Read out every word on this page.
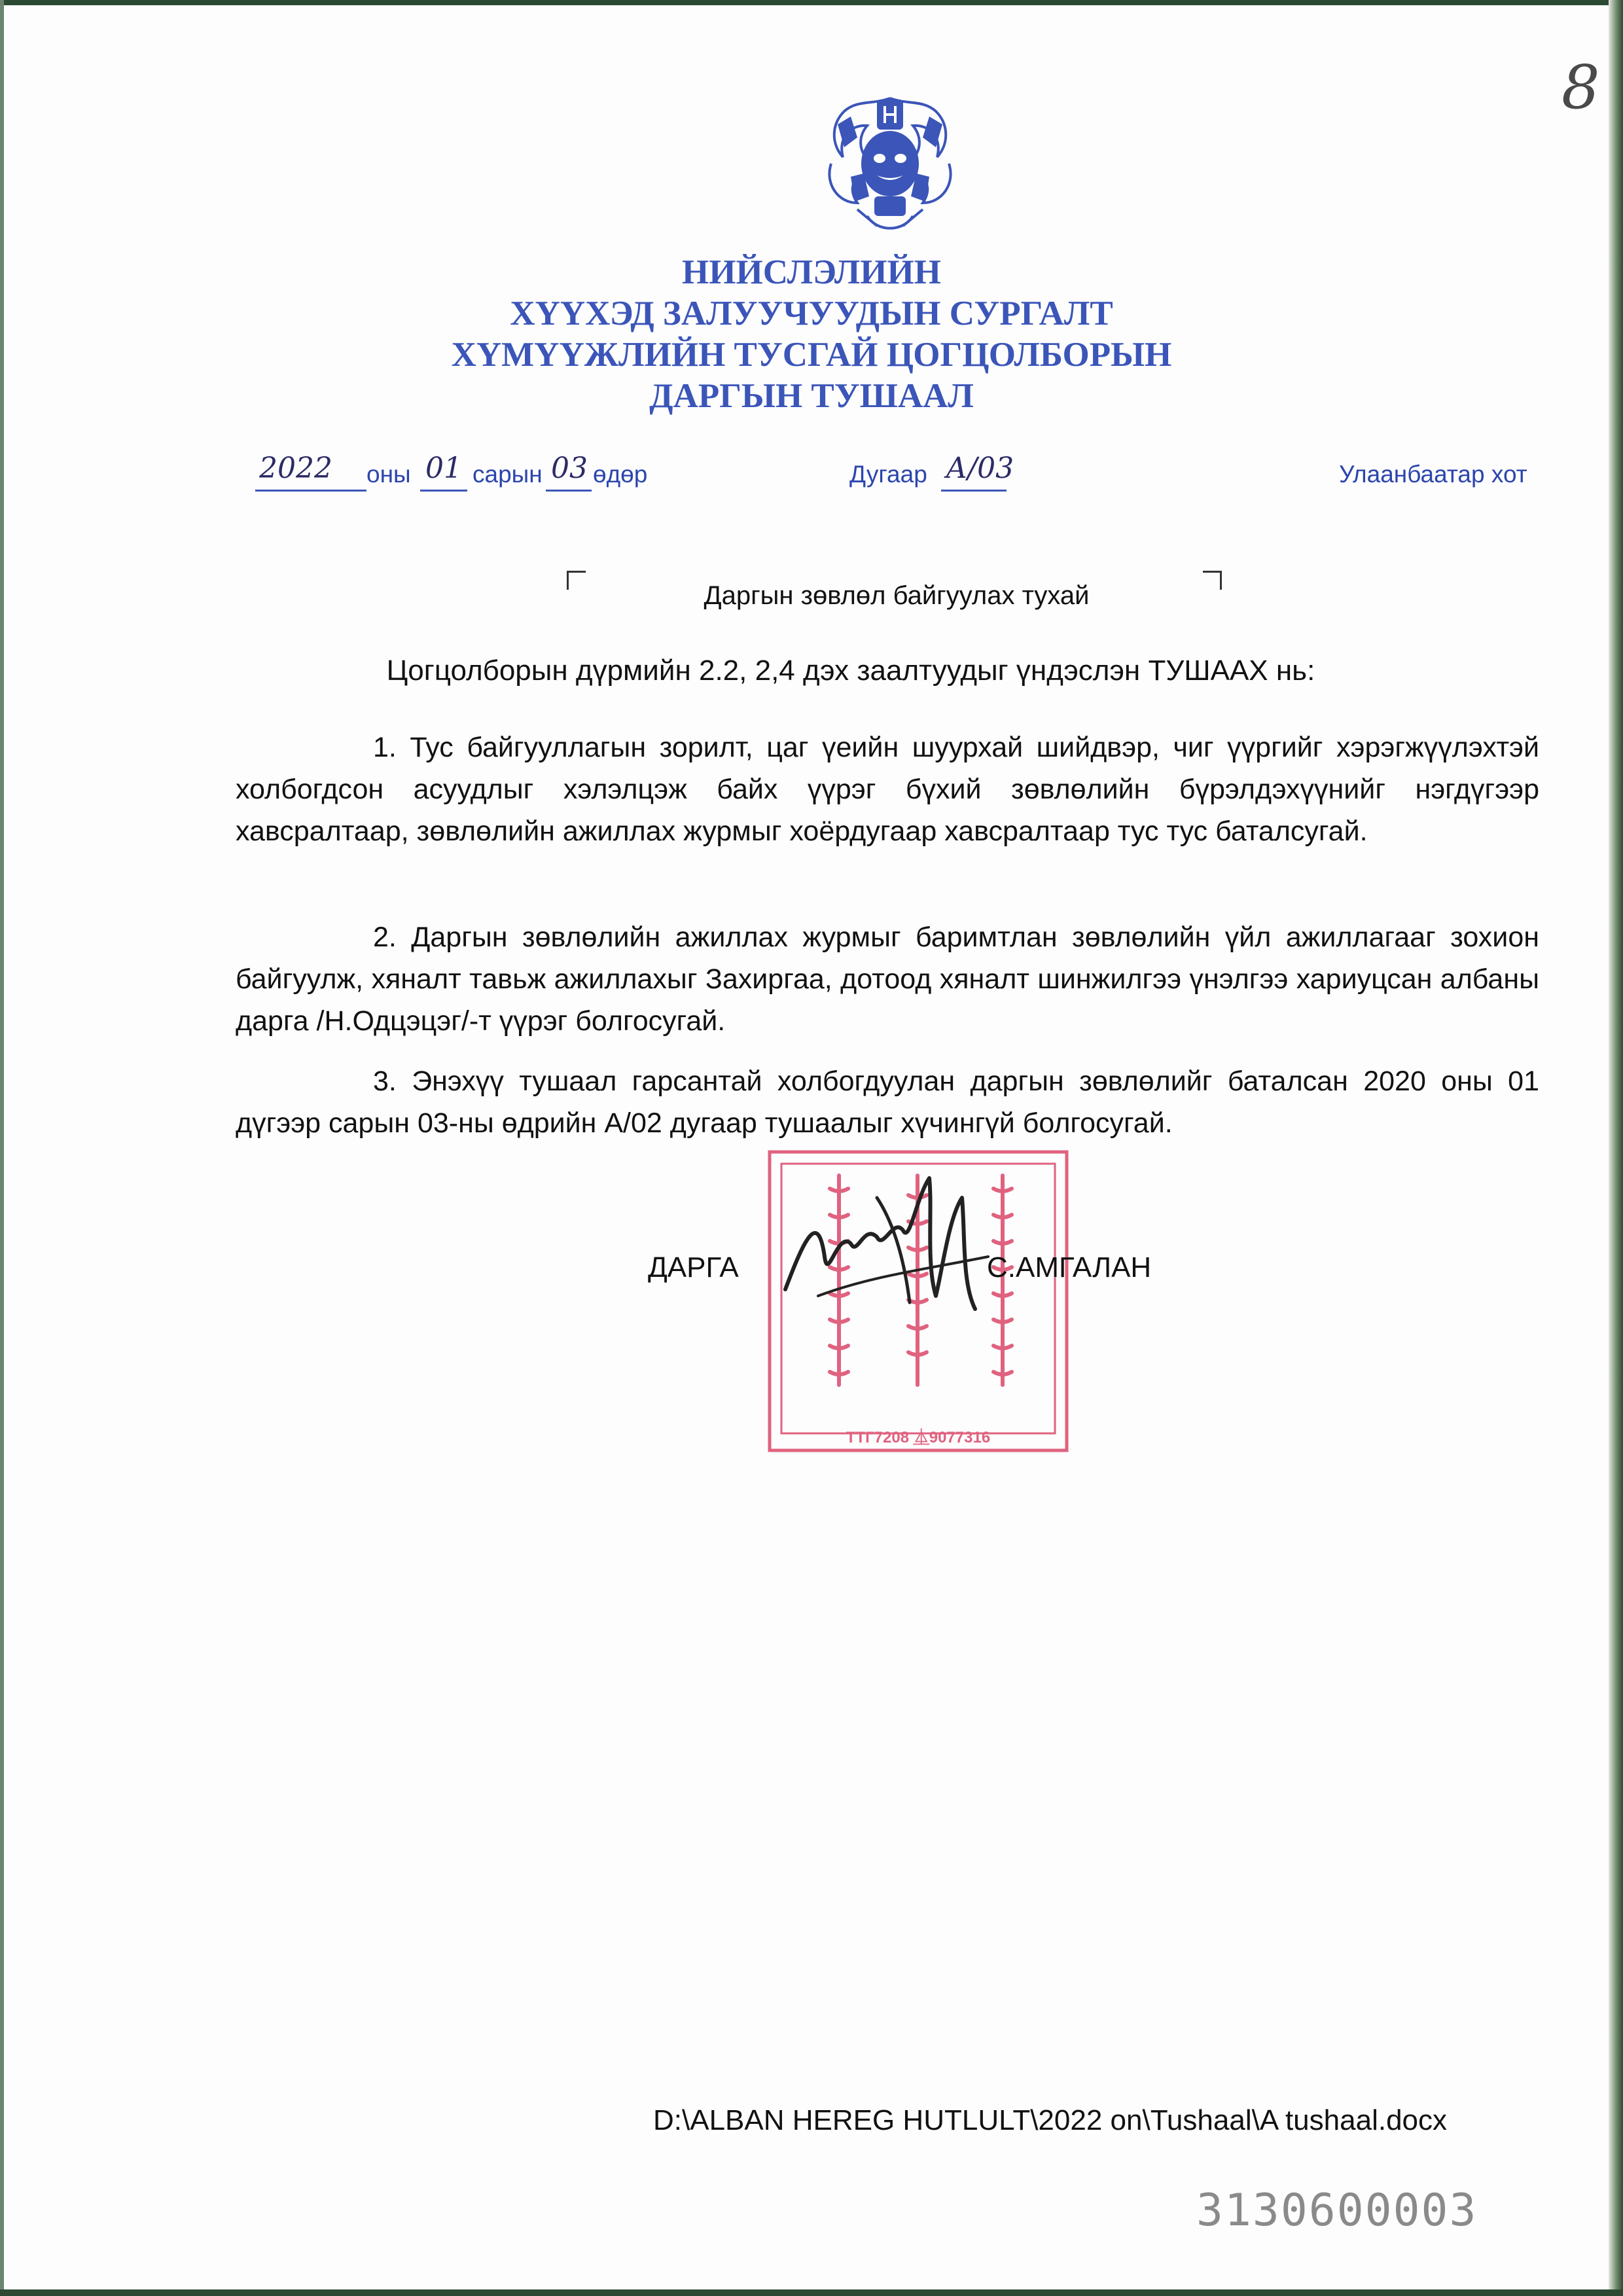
8
НИЙСЛЭЛИЙН
ХҮҮХЭД ЗАЛУУЧУУДЫН СУРГАЛТ
ХҮМҮҮЖЛИЙН ТУСГАЙ ЦОГЦОЛБОРЫН
ДАРГЫН ТУШААЛ
2022 оны 01 сарын 03 өдөр	Дугаар А/03	Улаанбаатар хот
Даргын зөвлөл байгуулах тухай
Цогцолборын дүрмийн 2.2, 2,4 дэх заалтуудыг үндэслэн ТУШААХ нь:
1. Тус байгууллагын зорилт, цаг үеийн шуурхай шийдвэр, чиг үүргийг хэрэгжүүлэхтэй холбогдсон асуудлыг хэлэлцэж байх үүрэг бүхий зөвлөлийн бүрэлдэхүүнийг нэгдүгээр хавсралтаар, зөвлөлийн ажиллах журмыг хоёрдугаар хавсралтаар тус тус баталсугай.
2. Даргын зөвлөлийн ажиллах журмыг баримтлан зөвлөлийн үйл ажиллагааг зохион байгуулж, хяналт тавьж ажиллахыг Захиргаа, дотоод хяналт шинжилгээ үнэлгээ хариуцсан албаны дарга /Н.Одцэцэг/-т үүрэг болгосугай.
3. Энэхүү тушаал гарсантай холбогдуулан даргын зөвлөлийг баталсан 2020 оны 01 дүгээр сарын 03-ны өдрийн А/02 дугаар тушаалыг хүчингүй болгосугай.
ТТГ7208 ⏅9077316
ДАРГА	С.АМГАЛАН
D:\ALBAN HEREG HUTLULT\2022 on\Tushaal\A tushaal.docx
3130600003
